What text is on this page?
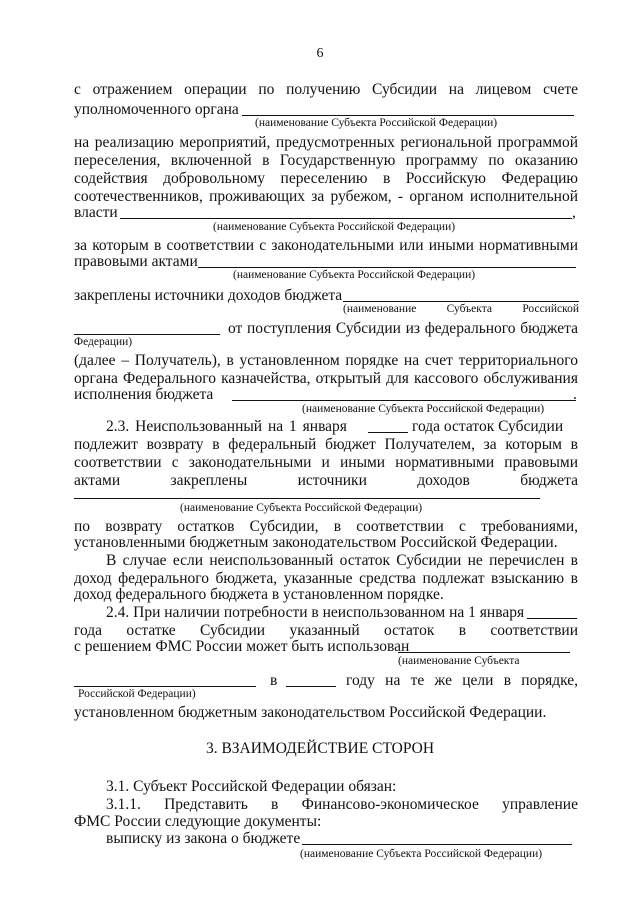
6
с отражением операции по получению Субсидии на лицевом счете
уполномоченного органа
(наименование Субъекта Российской Федерации)
на реализацию мероприятий, предусмотренных региональной программой
переселения, включенной в Государственную программу по оказанию
содействия добровольному переселению в Российскую Федерацию
соотечественников, проживающих за рубежом, - органом исполнительной
власти	,
(наименование Субъекта Российской Федерации)
за которым в соответствии с законодательными или иными нормативными
правовыми актами
(наименование Субъекта Российской Федерации)
закреплены источники доходов бюджета
(наименование Субъекта Российской
от поступления Субсидии из федерального бюджета
Федерации)
(далее – Получатель), в установленном порядке на счет территориального
органа Федерального казначейства, открытый для кассового обслуживания
исполнения бюджета	.
(наименование Субъекта Российской Федерации)
2.3. Неиспользованный на 1 января	года остаток Субсидии
подлежит возврату в федеральный бюджет Получателем, за которым в
соответствии с законодательными и иными нормативными правовыми
актами закреплены источники доходов бюджета
(наименование Субъекта Российской Федерации)
по возврату остатков Субсидии, в соответствии с требованиями,
установленными бюджетным законодательством Российской Федерации.
В случае если неиспользованный остаток Субсидии не перечислен в
доход федерального бюджета, указанные средства подлежат взысканию в
доход федерального бюджета в установленном порядке.
2.4. При наличии потребности в неиспользованном на 1 января
года остатке Субсидии указанный остаток в соответствии
с решением ФМС России может быть использован
(наименование Субъекта
в	году на те же цели в порядке,
Российской Федерации)
установленном бюджетным законодательством Российской Федерации.
3. ВЗАИМОДЕЙСТВИЕ СТОРОН
3.1. Субъект Российской Федерации обязан:
3.1.1. Представить в Финансово-экономическое управление
ФМС России следующие документы:
выписку из закона о бюджете
(наименование Субъекта Российской Федерации)
